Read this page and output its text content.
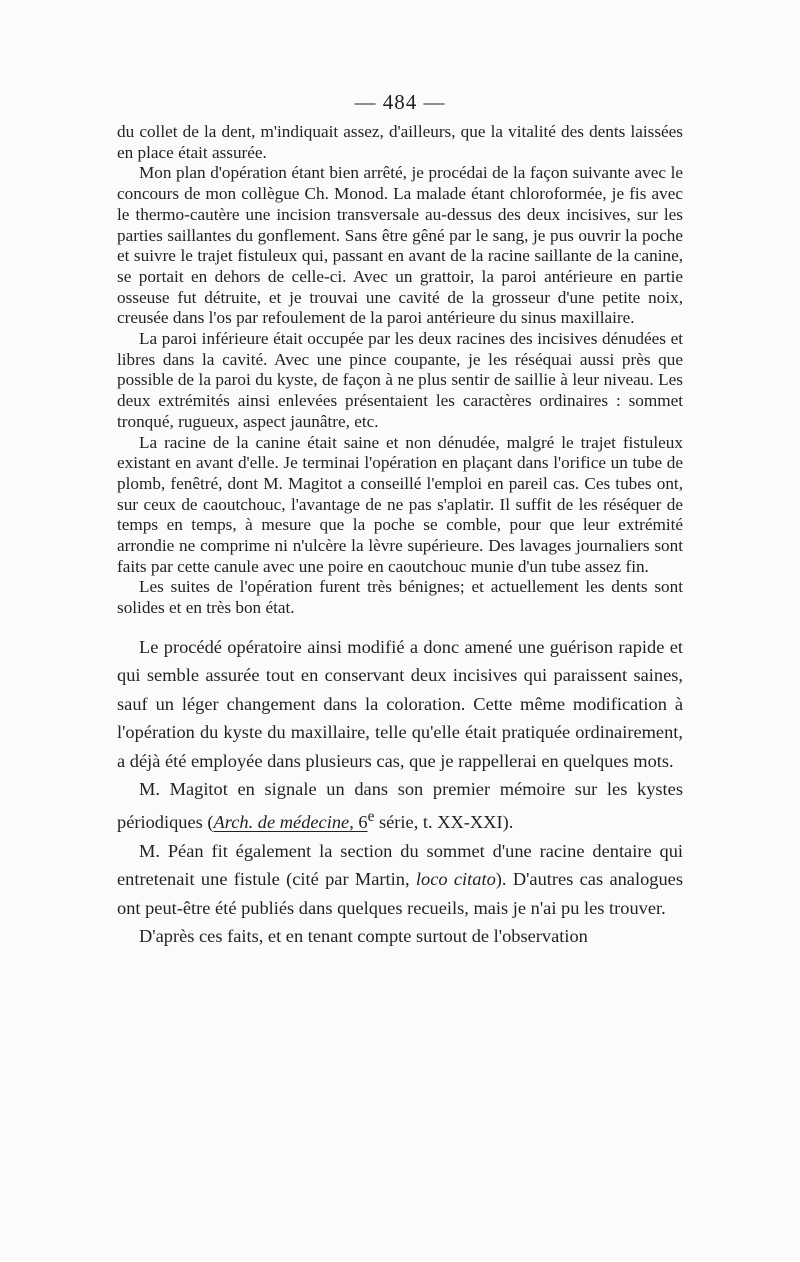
— 484 —

du collet de la dent, m'indiquait assez, d'ailleurs, que la vitalité des dents laissées en place était assurée.

Mon plan d'opération étant bien arrêté, je procédai de la façon suivante avec le concours de mon collègue Ch. Monod. La malade étant chloroformée, je fis avec le thermo-cautère une incision transversale au-dessus des deux incisives, sur les parties saillantes du gonflement. Sans être gêné par le sang, je pus ouvrir la poche et suivre le trajet fistuleux qui, passant en avant de la racine saillante de la canine, se portait en dehors de celle-ci. Avec un grattoir, la paroi antérieure en partie osseuse fut détruite, et je trouvai une cavité de la grosseur d'une petite noix, creusée dans l'os par refoulement de la paroi antérieure du sinus maxillaire.

La paroi inférieure était occupée par les deux racines des incisives dénudées et libres dans la cavité. Avec une pince coupante, je les réséquai aussi près que possible de la paroi du kyste, de façon à ne plus sentir de saillie à leur niveau. Les deux extrémités ainsi enlevées présentaient les caractères ordinaires : sommet tronqué, rugueux, aspect jaunâtre, etc.

La racine de la canine était saine et non dénudée, malgré le trajet fistuleux existant en avant d'elle. Je terminai l'opération en plaçant dans l'orifice un tube de plomb, fenêtré, dont M. Magitot a conseillé l'emploi en pareil cas. Ces tubes ont, sur ceux de caoutchouc, l'avantage de ne pas s'aplatir. Il suffit de les réséquer de temps en temps, à mesure que la poche se comble, pour que leur extrémité arrondie ne comprime ni n'ulcère la lèvre supérieure. Des lavages journaliers sont faits par cette canule avec une poire en caoutchouc munie d'un tube assez fin.

Les suites de l'opération furent très bénignes; et actuellement les dents sont solides et en très bon état.

Le procédé opératoire ainsi modifié a donc amené une guérison rapide et qui semble assurée tout en conservant deux incisives qui paraissent saines, sauf un léger changement dans la coloration. Cette même modification à l'opération du kyste du maxillaire, telle qu'elle était pratiquée ordinairement, a déjà été employée dans plusieurs cas, que je rappellerai en quelques mots.

M. Magitot en signale un dans son premier mémoire sur les kystes périodiques (Arch. de médecine, 6e série, t. XX-XXI).

M. Péan fit également la section du sommet d'une racine dentaire qui entretenait une fistule (cité par Martin, loco citato). D'autres cas analogues ont peut-être été publiés dans quelques recueils, mais je n'ai pu les trouver.

D'après ces faits, et en tenant compte surtout de l'observation
